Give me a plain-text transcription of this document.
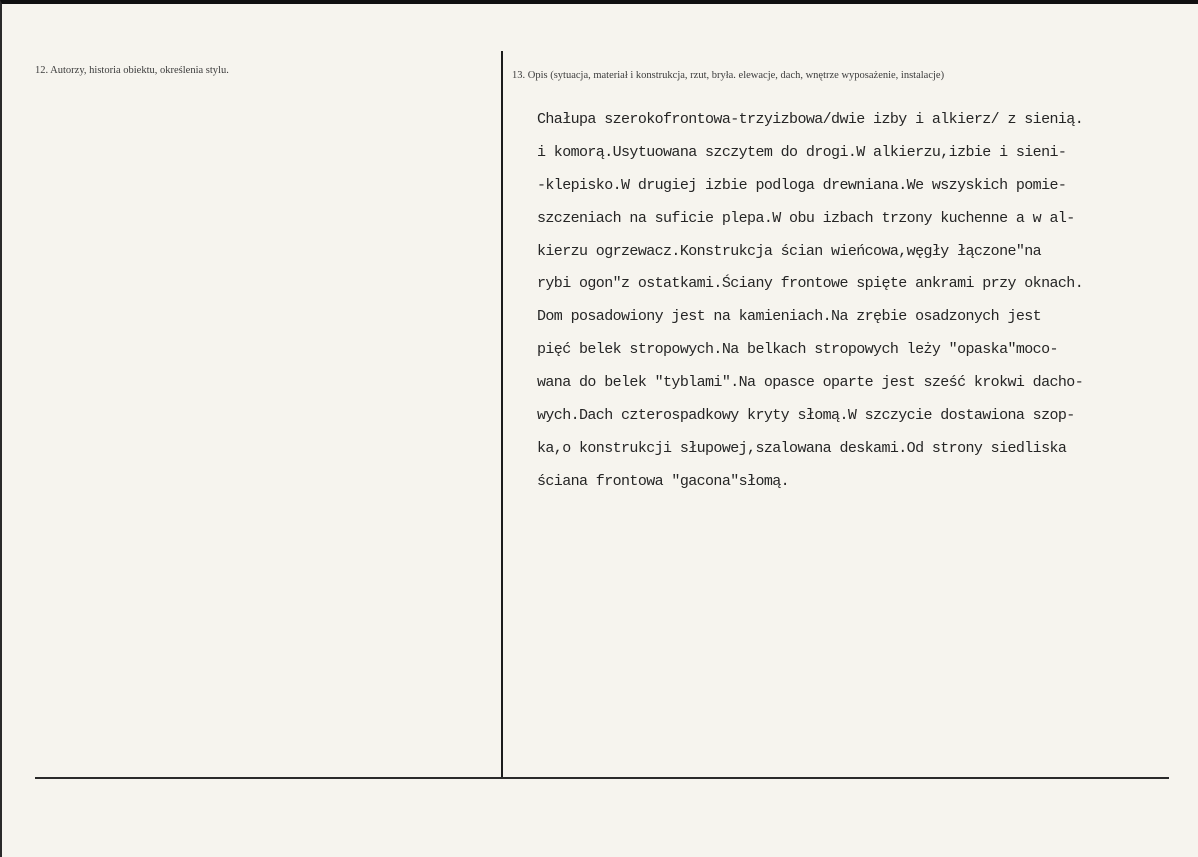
12. Autorzy, historia obiektu, określenia stylu.	13. Opis (sytuacja, materiał i konstrukcja, rzut, bryła. elewacje, dach, wnętrze wyposażenie, instalacje)
Chałupa szerokofrontowa-trzyizbowa/dwie izby i alkierz/ z sienią.
i komorą.Usytuowana szczytem do drogi.W alkierzu,izbie i sieni-
-klepisko.W drugiej izbie podloga drewniana.We wszyskich pomie-
szczeniach na suficie plepa.W obu izbach trzony kuchenne a w al-
kierzu ogrzewacz.Konstrukcja ścian wieńcowa,węgły łączone"na
rybi ogon"z ostatkami.Ściany frontowe spięte ankrami przy oknach.
Dom posadowiony jest na kamieniach.Na zrębie osadzonych jest
pięć belek stropowych.Na belkach stropowych leży "opaska"moco-
wana do belek "tyblami".Na opasce oparte jest sześć krokwi dacho-
wych.Dach czterospadkowy kryty słomą.W szczycie dostawiona szop-
ka,o konstrukcji słupowej,szalowana deskami.Od strony siedliska
ściana frontowa "gacona"słomą.
